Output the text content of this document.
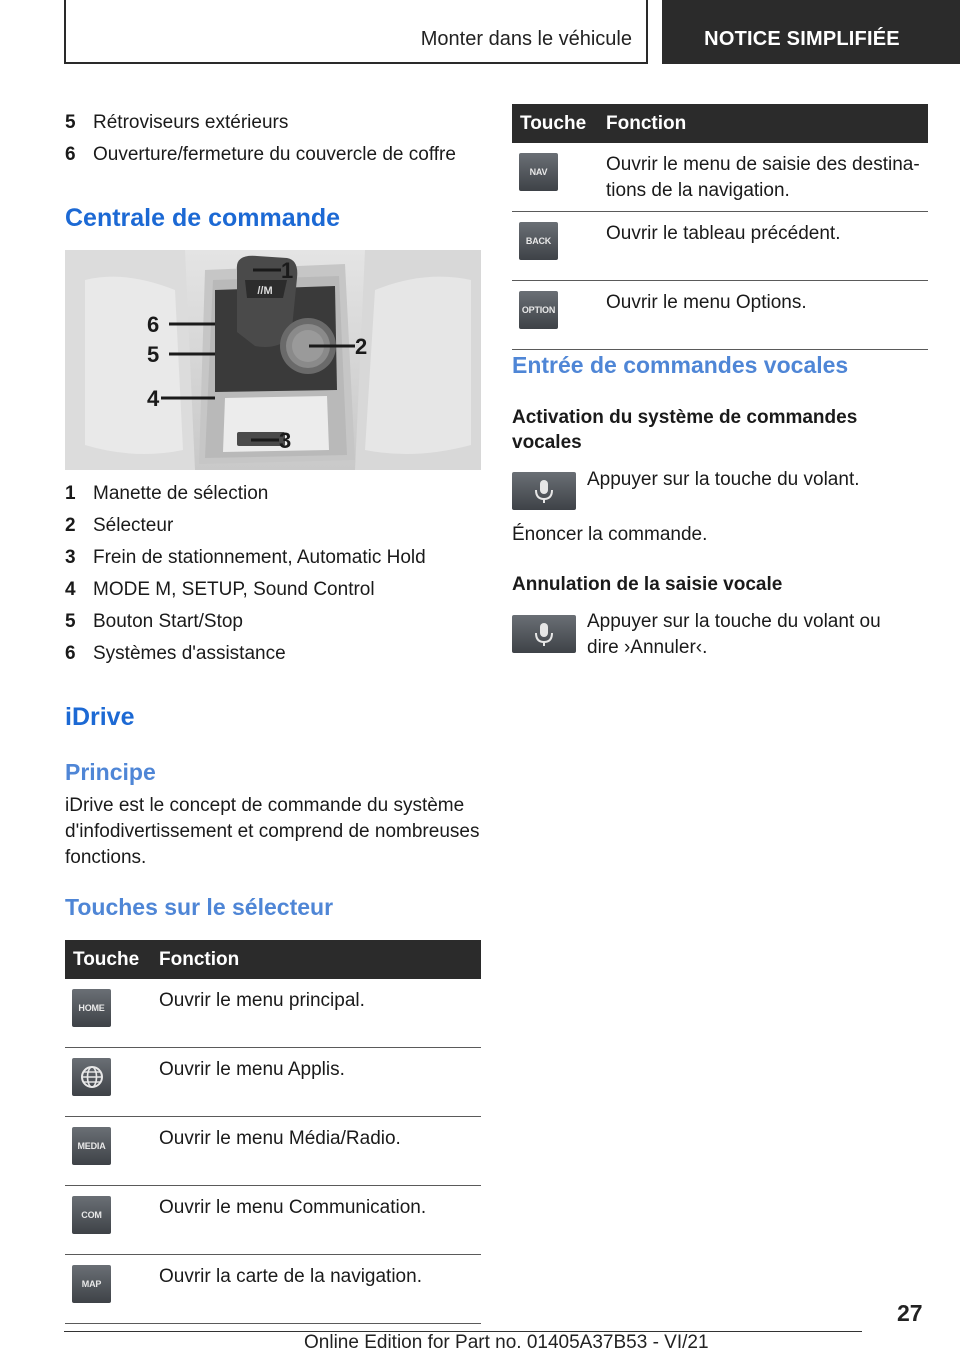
Monter dans le véhicule	NOTICE SIMPLIFIÉE
5 Rétroviseurs extérieurs
6 Ouverture/fermeture du couvercle de coffre
Centrale de commande
//M
1
2
3
4
5
6
1 Manette de sélection
2 Sélecteur
3 Frein de stationnement, Automatic Hold
4 MODE M, SETUP, Sound Control
5 Bouton Start/Stop
6 Systèmes d'assistance
iDrive
Principe
iDrive est le concept de commande du système d'infodivertissement et comprend de nombreuses fonctions.
Touches sur le sélecteur
Touche	Fonction

HOME	Ouvrir le menu principal.

	Ouvrir le menu Applis.

MEDIA	Ouvrir le menu Média/Radio.

COM	Ouvrir le menu Communication.

MAP	Ouvrir la carte de la navigation.
Touche	Fonction

NAV	Ouvrir le menu de saisie des destina-tions de la navigation.

BACK	Ouvrir le tableau précédent.

OPTION	Ouvrir le menu Options.
Entrée de commandes vocales
Activation du système de commandes vocales
Appuyer sur la touche du volant.
Énoncer la commande.
Annulation de la saisie vocale
Appuyer sur la touche du volant ou dire ›Annuler‹.
27
Online Edition for Part no. 01405A37B53 - VI/21
